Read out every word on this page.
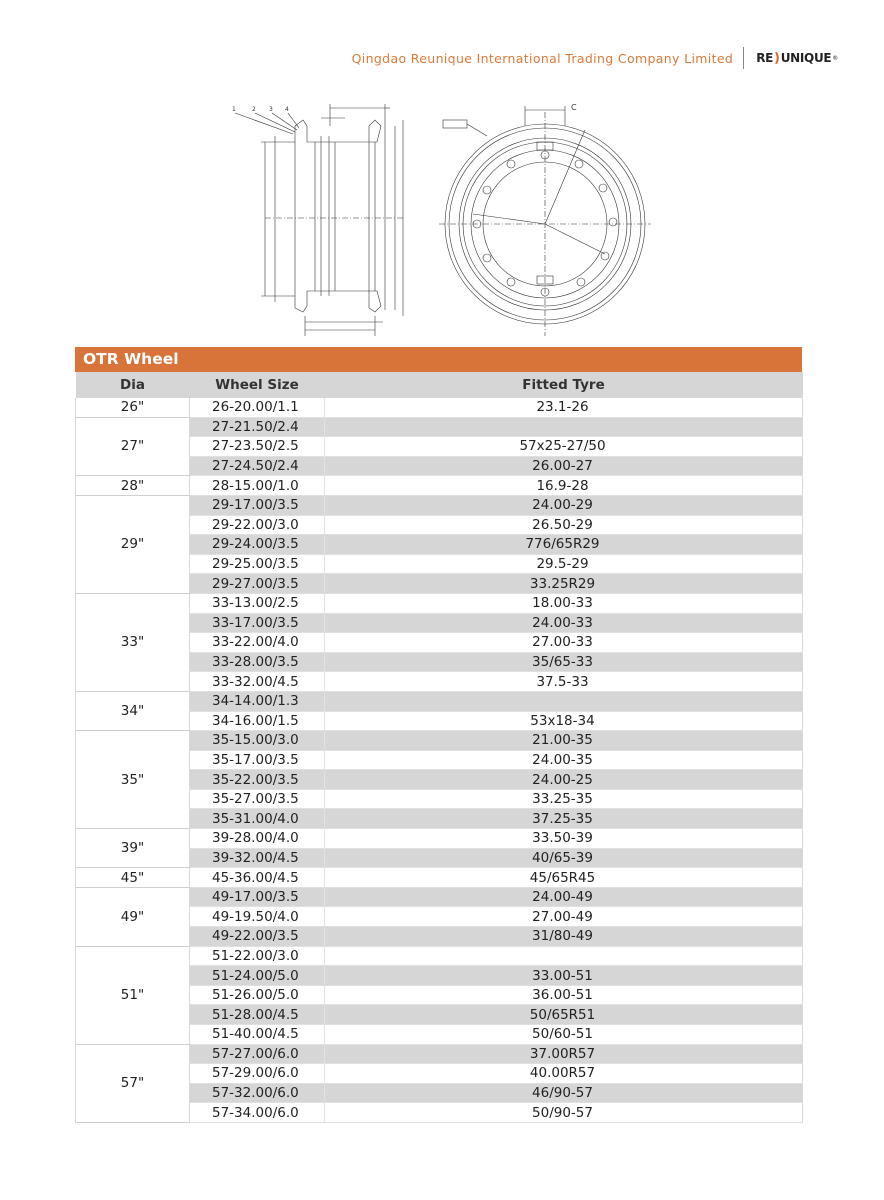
Qingdao Reunique International Trading Company Limited RE ) UNIQUE ®
1	2 3 4	C
OTR Wheel
Dia	Wheel Size	Fitted Tyre
26"	26-20.00/1.1	23.1-26
27"	27-21.50/2.4	
	27-23.50/2.5	57x25-27/50
	27-24.50/2.4	26.00-27
28"	28-15.00/1.0	16.9-28
29"	29-17.00/3.5	24.00-29
	29-22.00/3.0	26.50-29
	29-24.00/3.5	776/65R29
	29-25.00/3.5	29.5-29
	29-27.00/3.5	33.25R29
33"	33-13.00/2.5	18.00-33
	33-17.00/3.5	24.00-33
	33-22.00/4.0	27.00-33
	33-28.00/3.5	35/65-33
	33-32.00/4.5	37.5-33
34"	34-14.00/1.3	
	34-16.00/1.5	53x18-34
35"	35-15.00/3.0	21.00-35
	35-17.00/3.5	24.00-35
	35-22.00/3.5	24.00-25
	35-27.00/3.5	33.25-35
	35-31.00/4.0	37.25-35
39"	39-28.00/4.0	33.50-39
	39-32.00/4.5	40/65-39
45"	45-36.00/4.5	45/65R45
49"	49-17.00/3.5	24.00-49
	49-19.50/4.0	27.00-49
	49-22.00/3.5	31/80-49
51"	51-22.00/3.0	
	51-24.00/5.0	33.00-51
	51-26.00/5.0	36.00-51
	51-28.00/4.5	50/65R51
	51-40.00/4.5	50/60-51
57"	57-27.00/6.0	37.00R57
	57-29.00/6.0	40.00R57
	57-32.00/6.0	46/90-57
	57-34.00/6.0	50/90-57
